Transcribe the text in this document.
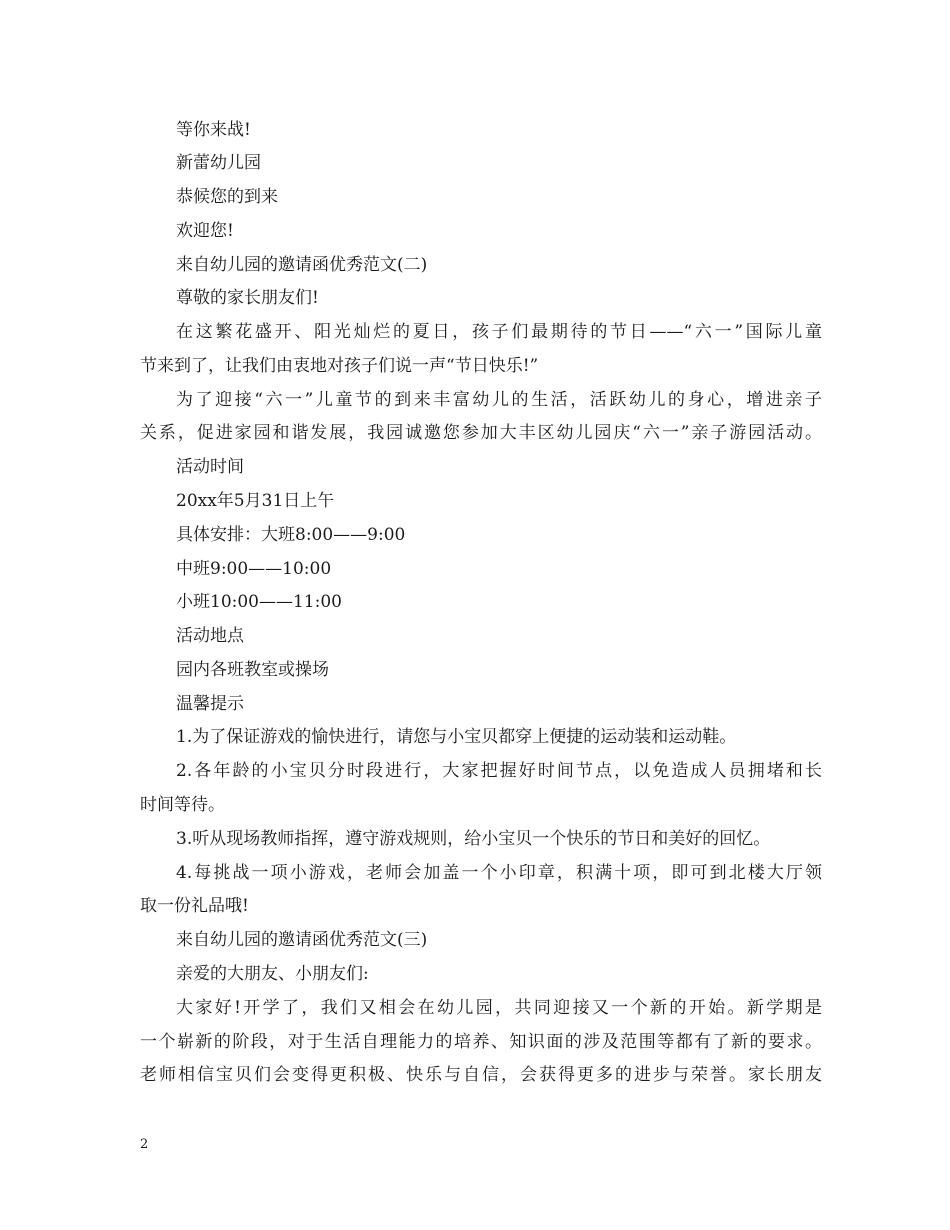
等你来战!

新蕾幼儿园

恭候您的到来

欢迎您!

来自幼儿园的邀请函优秀范文(二)

尊敬的家长朋友们!

在这繁花盛开、阳光灿烂的夏日，孩子们最期待的节日——“六一”国际儿童

节来到了，让我们由衷地对孩子们说一声“节日快乐!”

为了迎接“六一”儿童节的到来丰富幼儿的生活，活跃幼儿的身心，增进亲子

关系，促进家园和谐发展，我园诚邀您参加大丰区幼儿园庆“六一”亲子游园活动。

活动时间

20xx年5月31日上午

具体安排：大班8:00——9:00

中班9:00——10:00

小班10:00——11:00

活动地点

园内各班教室或操场

温馨提示

1.为了保证游戏的愉快进行，请您与小宝贝都穿上便捷的运动装和运动鞋。

2.各年龄的小宝贝分时段进行，大家把握好时间节点，以免造成人员拥堵和长

时间等待。

3.听从现场教师指挥，遵守游戏规则，给小宝贝一个快乐的节日和美好的回忆。

4.每挑战一项小游戏，老师会加盖一个小印章，积满十项，即可到北楼大厅领

取一份礼品哦!

来自幼儿园的邀请函优秀范文(三)

亲爱的大朋友、小朋友们:

大家好!开学了，我们又相会在幼儿园，共同迎接又一个新的开始。新学期是

一个崭新的阶段，对于生活自理能力的培养、知识面的涉及范围等都有了新的要求。

老师相信宝贝们会变得更积极、快乐与自信，会获得更多的进步与荣誉。家长朋友

2
